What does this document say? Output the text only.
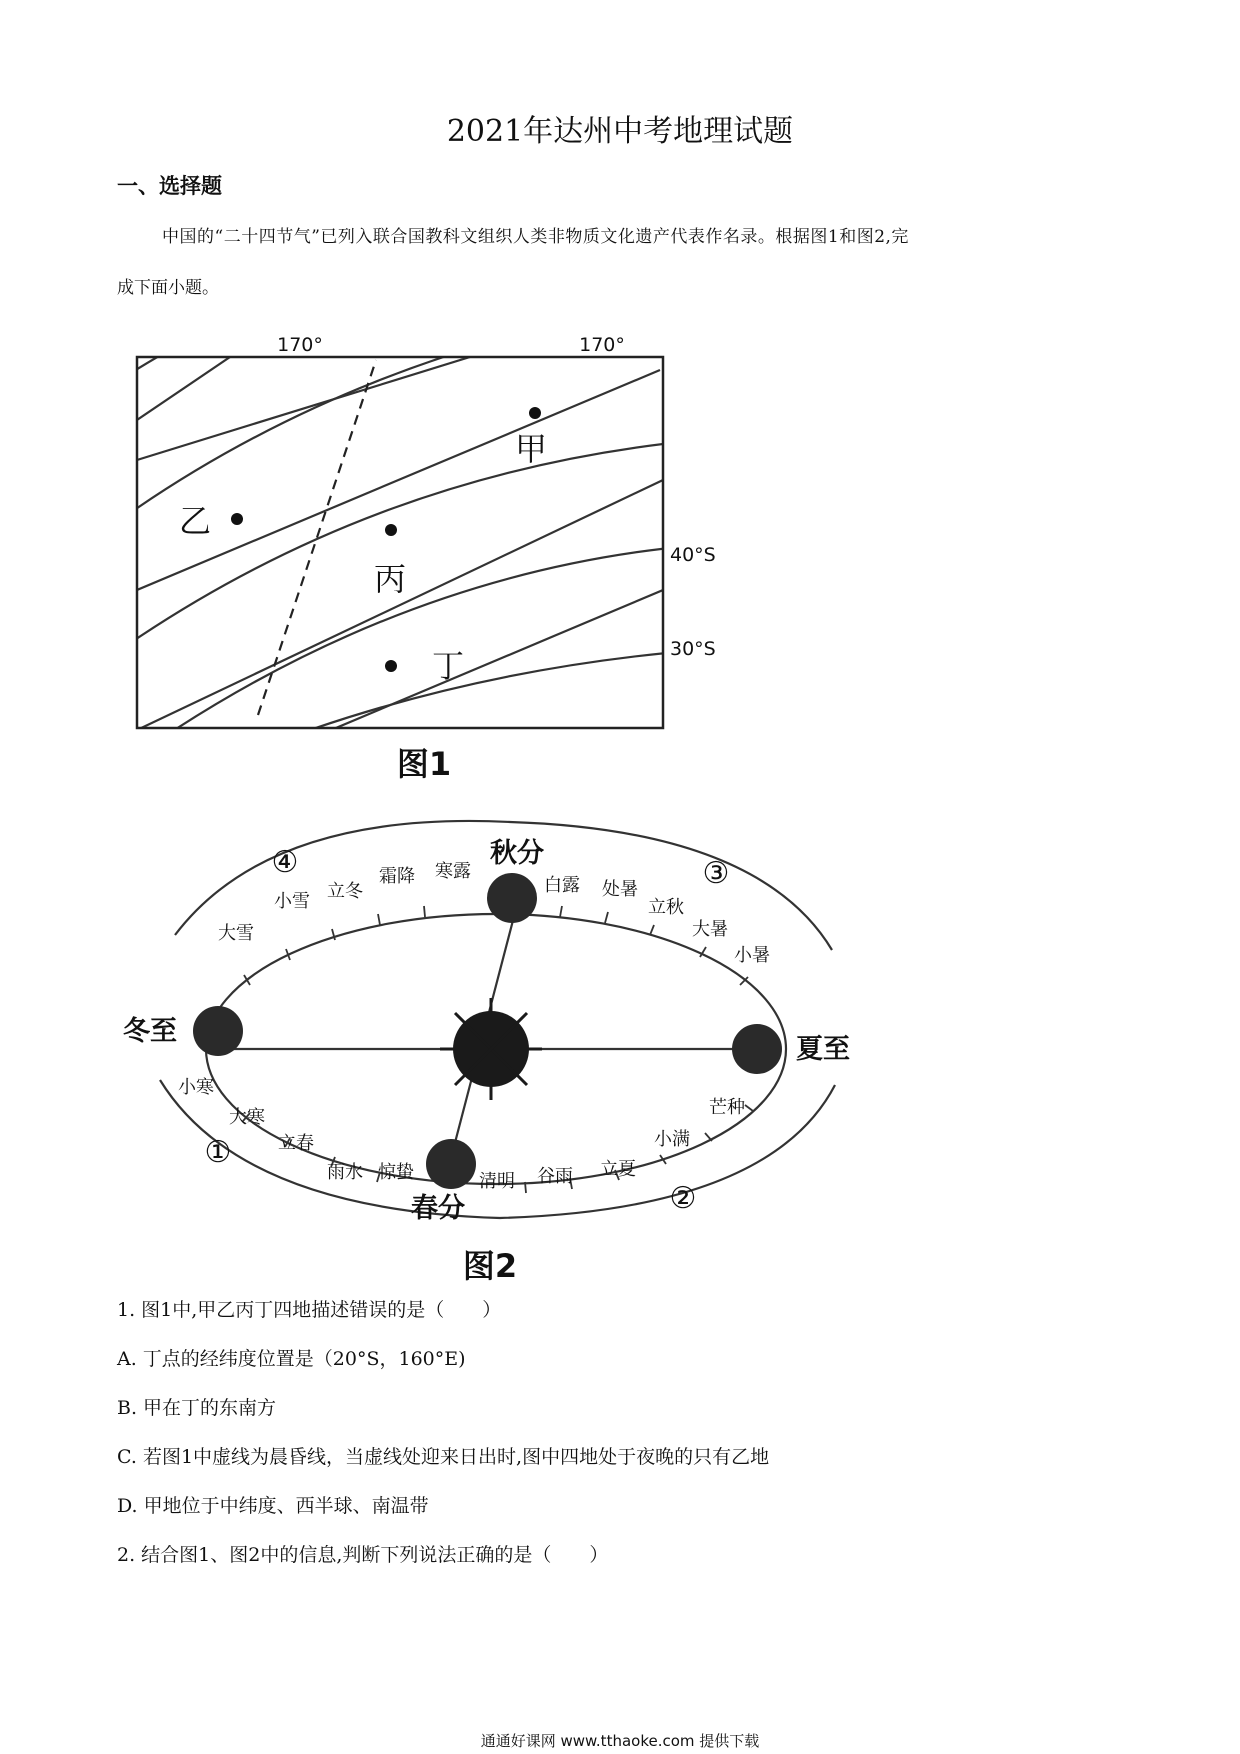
2021年达州中考地理试题
一、选择题
中国的“二十四节气”已列入联合国教科文组织人类非物质文化遗产代表作名录。根据图1和图2,完
成下面小题。
170°	170°
40°S
30°S
甲
乙
丙
丁
图1
冬至
夏至
春分
秋分
①
②
③
④
小雪 立冬
霜降 寒露
白露 处暑
立秋
大暑
小暑
大雪
小寒
大寒
立春
雨水 惊蛰	清明 谷雨 立夏
小满
芒种
图2
1. 图1中,甲乙丙丁四地描述错误的是（　　）
A. 丁点的经纬度位置是（20°S，160°E)
B. 甲在丁的东南方
C. 若图1中虚线为晨昏线，当虚线处迎来日出时,图中四地处于夜晚的只有乙地
D. 甲地位于中纬度、西半球、南温带
2. 结合图1、图2中的信息,判断下列说法正确的是（　　）
通通好课网 www.tthaoke.com 提供下载
